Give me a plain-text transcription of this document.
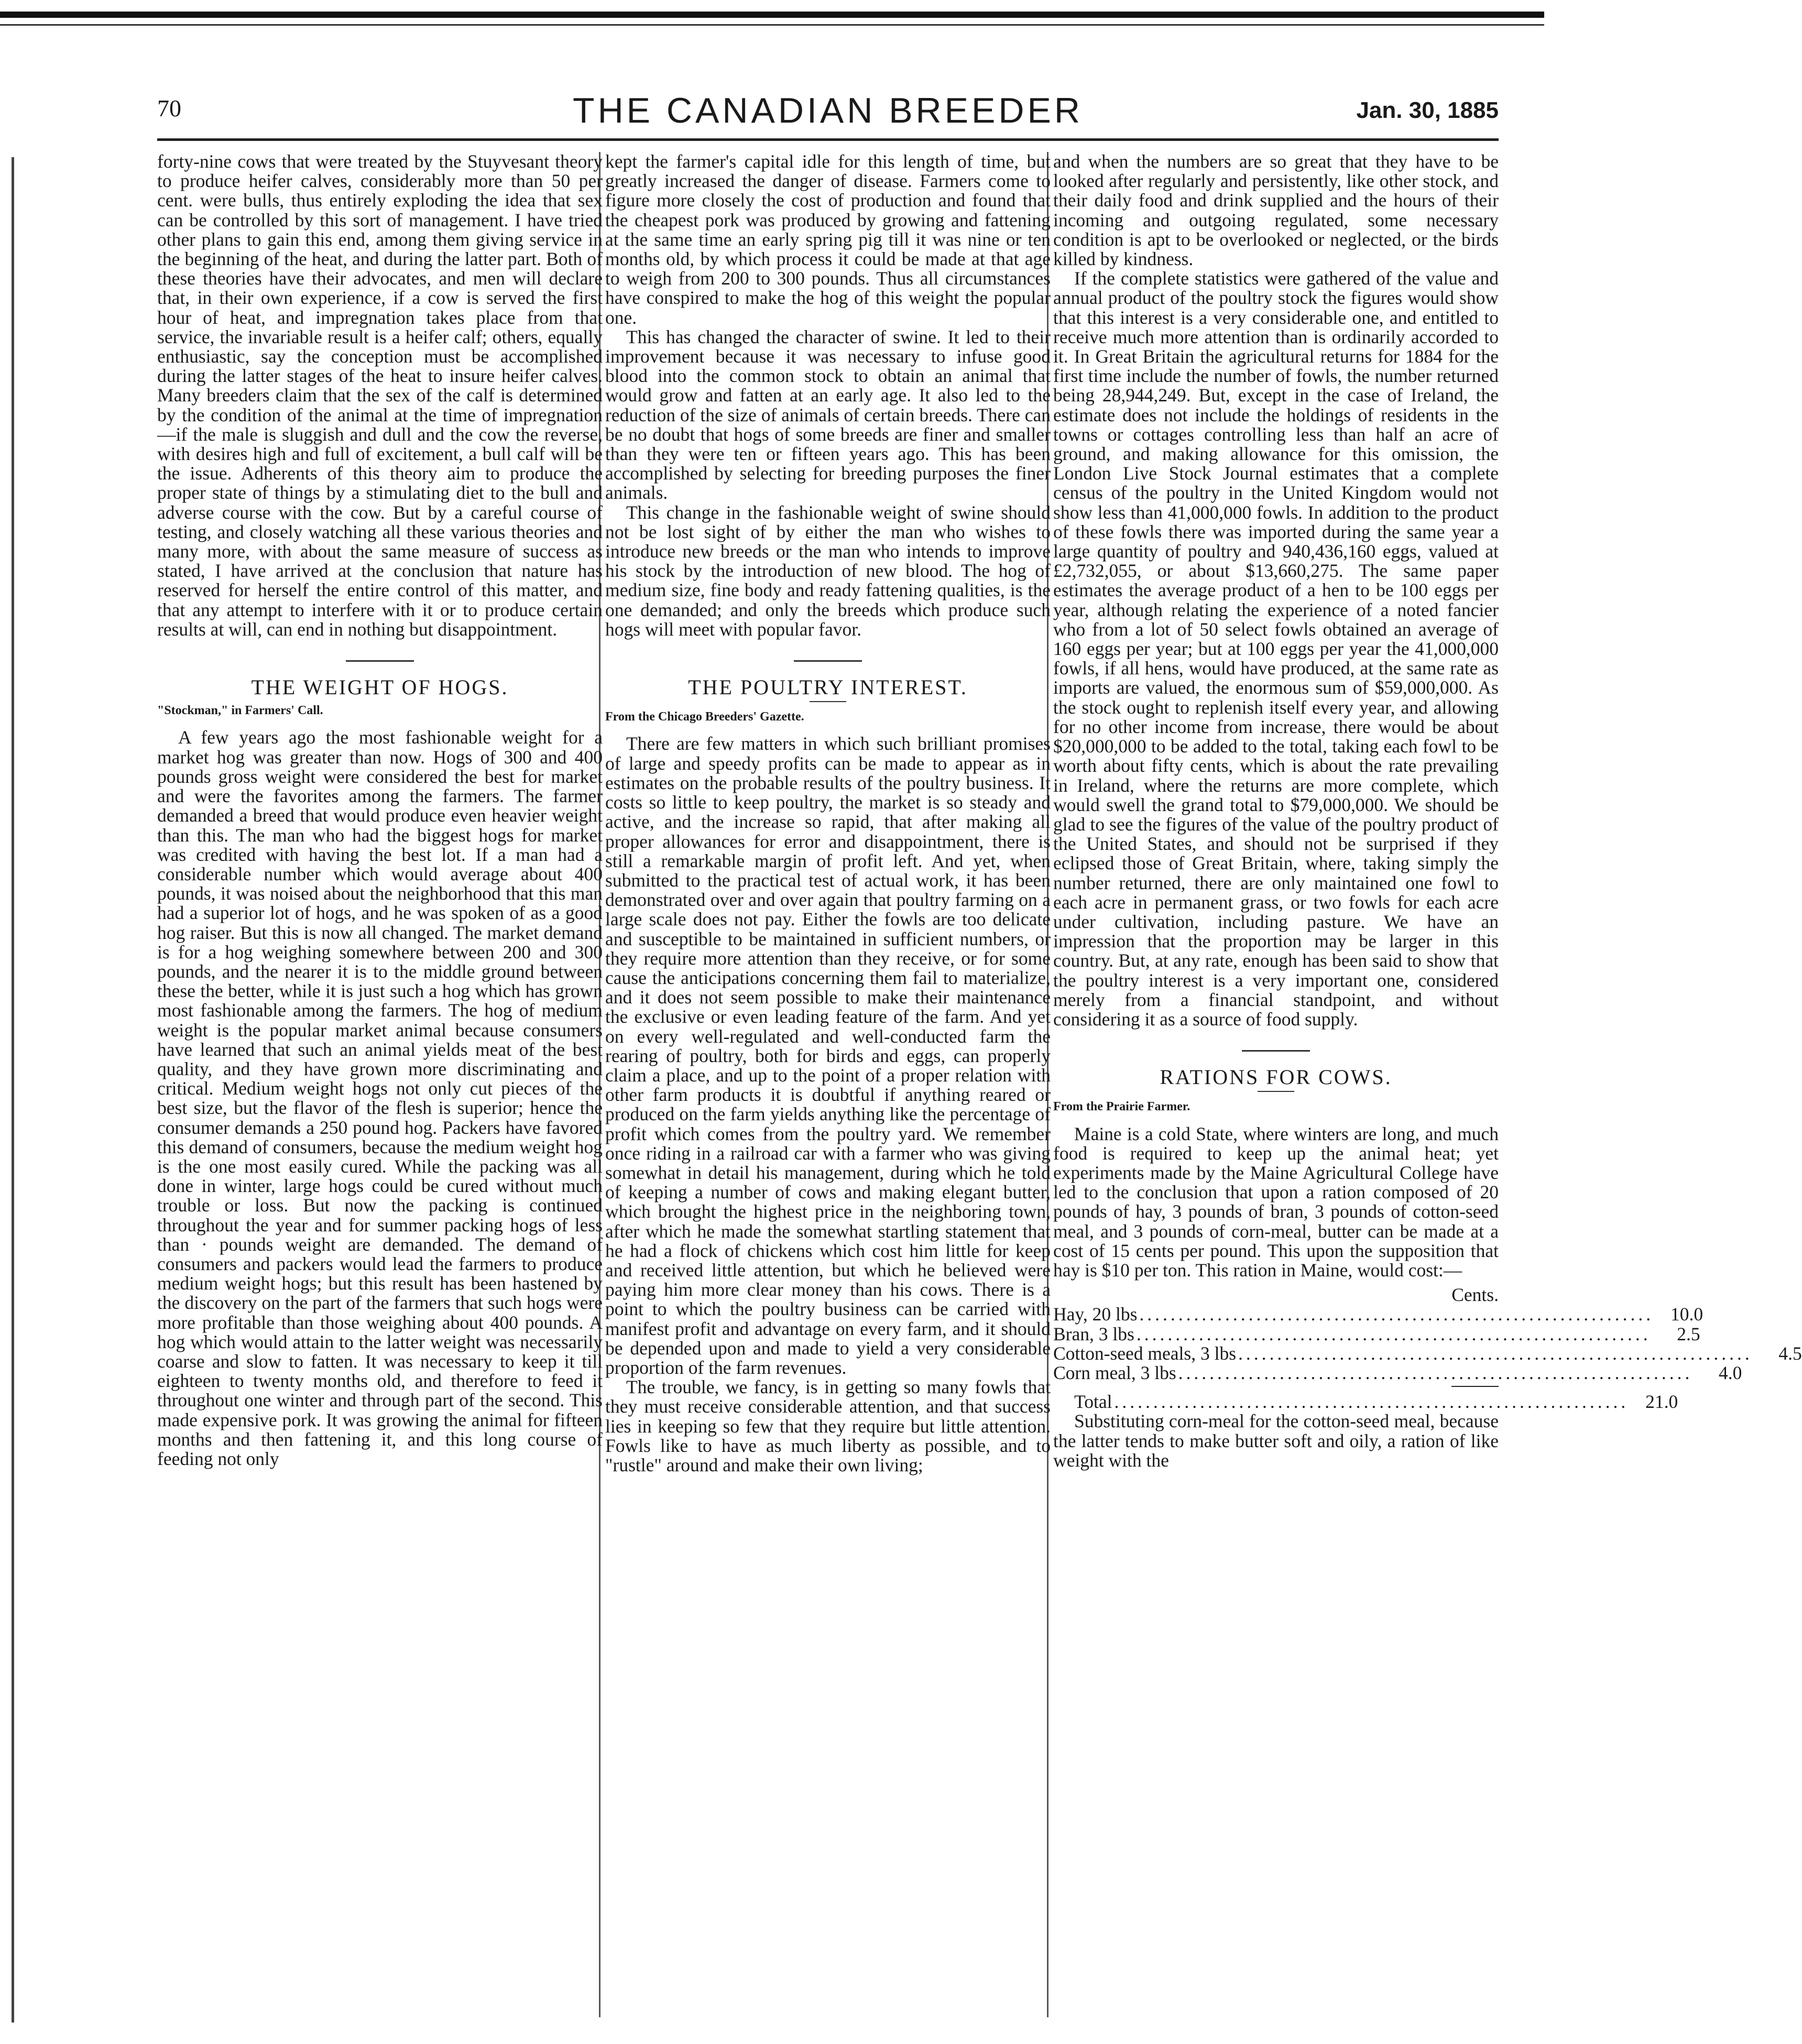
70	THE CANADIAN BREEDER	Jan. 30, 1885

forty-nine cows that were treated by the Stuyvesant theory to produce heifer calves, considerably more than 50 per cent. were bulls, thus entirely exploding the idea that sex can be controlled by this sort of management. I have tried other plans to gain this end, among them giving service in the beginning of the heat, and during the latter part. Both of these theories have their advocates, and men will declare that, in their own experience, if a cow is served the first hour of heat, and impregnation takes place from that service, the invariable result is a heifer calf; others, equally enthusiastic, say the conception must be accomplished during the latter stages of the heat to insure heifer calves. Many breeders claim that the sex of the calf is determined by the condition of the animal at the time of impregnation—if the male is sluggish and dull and the cow the reverse, with desires high and full of excitement, a bull calf will be the issue. Adherents of this theory aim to produce the proper state of things by a stimulating diet to the bull and adverse course with the cow. But by a careful course of testing, and closely watching all these various theories and many more, with about the same measure of success as stated, I have arrived at the conclusion that nature has reserved for herself the entire control of this matter, and that any attempt to interfere with it or to produce certain results at will, can end in nothing but disappointment.

THE WEIGHT OF HOGS.
"Stockman," in Farmers' Call.

A few years ago the most fashionable weight for a market hog was greater than now. Hogs of 300 and 400 pounds gross weight were considered the best for market and were the favorites among the farmers. The farmer demanded a breed that would produce even heavier weight than this. The man who had the biggest hogs for market was credited with having the best lot. If a man had a considerable number which would average about 400 pounds, it was noised about the neighborhood that this man had a superior lot of hogs, and he was spoken of as a good hog raiser. But this is now all changed. The market demand is for a hog weighing somewhere between 200 and 300 pounds, and the nearer it is to the middle ground between these the better, while it is just such a hog which has grown most fashionable among the farmers. The hog of medium weight is the popular market animal because consumers have learned that such an animal yields meat of the best quality, and they have grown more discriminating and critical. Medium weight hogs not only cut pieces of the best size, but the flavor of the flesh is superior; hence the consumer demands a 250 pound hog. Packers have favored this demand of consumers, because the medium weight hog is the one most easily cured. While the packing was all done in winter, large hogs could be cured without much trouble or loss. But now the packing is continued throughout the year and for summer packing hogs of less than · pounds weight are demanded. The demand of consumers and packers would lead the farmers to produce medium weight hogs; but this result has been hastened by the discovery on the part of the farmers that such hogs were more profitable than those weighing about 400 pounds. A hog which would attain to the latter weight was necessarily coarse and slow to fatten. It was necessary to keep it till eighteen to twenty months old, and therefore to feed it throughout one winter and through part of the second. This made expensive pork. It was growing the animal for fifteen months and then fattening it, and this long course of feeding not only

kept the farmer's capital idle for this length of time, but greatly increased the danger of disease. Farmers come to figure more closely the cost of production and found that the cheapest pork was produced by growing and fattening at the same time an early spring pig till it was nine or ten months old, by which process it could be made at that age to weigh from 200 to 300 pounds. Thus all circumstances have conspired to make the hog of this weight the popular one.

This has changed the character of swine. It led to their improvement because it was necessary to infuse good blood into the common stock to obtain an animal that would grow and fatten at an early age. It also led to the reduction of the size of animals of certain breeds. There can be no doubt that hogs of some breeds are finer and smaller than they were ten or fifteen years ago. This has been accomplished by selecting for breeding purposes the finer animals.

This change in the fashionable weight of swine should not be lost sight of by either the man who wishes to introduce new breeds or the man who intends to improve his stock by the introduction of new blood. The hog of medium size, fine body and ready fattening qualities, is the one demanded; and only the breeds which produce such hogs will meet with popular favor.

THE POULTRY INTEREST.
From the Chicago Breeders' Gazette.

There are few matters in which such brilliant promises of large and speedy profits can be made to appear as in estimates on the probable results of the poultry business. It costs so little to keep poultry, the market is so steady and active, and the increase so rapid, that after making all proper allowances for error and disappointment, there is still a remarkable margin of profit left. And yet, when submitted to the practical test of actual work, it has been demonstrated over and over again that poultry farming on a large scale does not pay. Either the fowls are too delicate and susceptible to be maintained in sufficient numbers, or they require more attention than they receive, or for some cause the anticipations concerning them fail to materialize, and it does not seem possible to make their maintenance the exclusive or even leading feature of the farm. And yet on every well-regulated and well-conducted farm the rearing of poultry, both for birds and eggs, can properly claim a place, and up to the point of a proper relation with other farm products it is doubtful if anything reared or produced on the farm yields anything like the percentage of profit which comes from the poultry yard. We remember once riding in a railroad car with a farmer who was giving somewhat in detail his management, during which he told of keeping a number of cows and making elegant butter, which brought the highest price in the neighboring town, after which he made the somewhat startling statement that he had a flock of chickens which cost him little for keep and received little attention, but which he believed were paying him more clear money than his cows. There is a point to which the poultry business can be carried with manifest profit and advantage on every farm, and it should be depended upon and made to yield a very considerable proportion of the farm revenues.

The trouble, we fancy, is in getting so many fowls that they must receive considerable attention, and that success lies in keeping so few that they require but little attention. Fowls like to have as much liberty as possible, and to "rustle" around and make their own living;

and when the numbers are so great that they have to be looked after regularly and persistently, like other stock, and their daily food and drink supplied and the hours of their incoming and outgoing regulated, some necessary condition is apt to be overlooked or neglected, or the birds killed by kindness.

If the complete statistics were gathered of the value and annual product of the poultry stock the figures would show that this interest is a very considerable one, and entitled to receive much more attention than is ordinarily accorded to it. In Great Britain the agricultural returns for 1884 for the first time include the number of fowls, the number returned being 28,944,249. But, except in the case of Ireland, the estimate does not include the holdings of residents in the towns or cottages controlling less than half an acre of ground, and making allowance for this omission, the London Live Stock Journal estimates that a complete census of the poultry in the United Kingdom would not show less than 41,000,000 fowls. In addition to the product of these fowls there was imported during the same year a large quantity of poultry and 940,436,160 eggs, valued at £2,732,055, or about $13,660,275. The same paper estimates the average product of a hen to be 100 eggs per year, although relating the experience of a noted fancier who from a lot of 50 select fowls obtained an average of 160 eggs per year; but at 100 eggs per year the 41,000,000 fowls, if all hens, would have produced, at the same rate as imports are valued, the enormous sum of $59,000,000. As the stock ought to replenish itself every year, and allowing for no other income from increase, there would be about $20,000,000 to be added to the total, taking each fowl to be worth about fifty cents, which is about the rate prevailing in Ireland, where the returns are more complete, which would swell the grand total to $79,000,000. We should be glad to see the figures of the value of the poultry product of the United States, and should not be surprised if they eclipsed those of Great Britain, where, taking simply the number returned, there are only maintained one fowl to each acre in permanent grass, or two fowls for each acre under cultivation, including pasture. We have an impression that the proportion may be larger in this country. But, at any rate, enough has been said to show that the poultry interest is a very important one, considered merely from a financial standpoint, and without considering it as a source of food supply.

RATIONS FOR COWS.
From the Prairie Farmer.

Maine is a cold State, where winters are long, and much food is required to keep up the animal heat; yet experiments made by the Maine Agricultural College have led to the conclusion that upon a ration composed of 20 pounds of hay, 3 pounds of bran, 3 pounds of cotton-seed meal, and 3 pounds of corn-meal, butter can be made at a cost of 15 cents per pound. This upon the supposition that hay is $10 per ton. This ration in Maine, would cost:—

Cents.
Hay, 20 lbs .................................................................. 10.0
Bran, 3 lbs ..................................................................	2.5
Cotton-seed meals, 3 lbs ..................................................................	4.5
Corn meal, 3 lbs ..................................................................	4.0
Total .................................................................. 21.0

Substituting corn-meal for the cotton-seed meal, because the latter tends to make butter soft and oily, a ration of like weight with the
